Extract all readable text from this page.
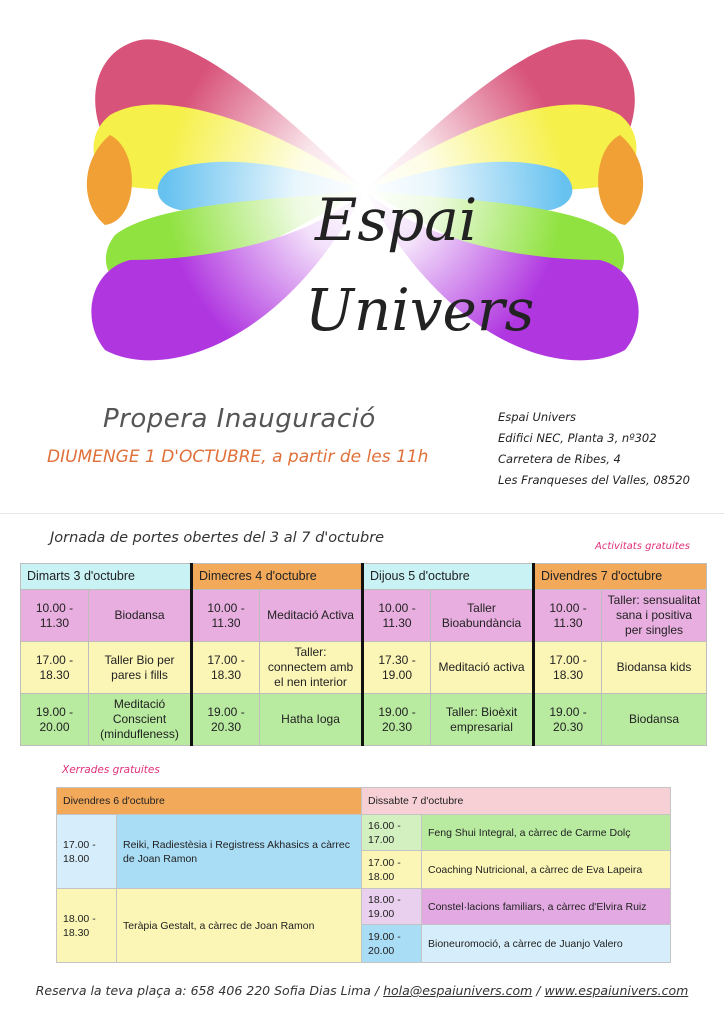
Espai
Univers
Propera Inauguració
DIUMENGE 1 D'OCTUBRE, a partir de les 11h
Espai Univers
Edifici NEC, Planta 3, nº302
Carretera de Ribes, 4
Les Franqueses del Valles, 08520
Jornada de portes obertes del 3 al 7 d'octubre
Activitats gratuites
Dimarts 3 d'octubre		Dimecres 4 d'octubre		Dijous 5 d'octubre		Divendres 7 d'octubre	
10.00 - 11.30	Biodansa	10.00 - 11.30	Meditació Activa	10.00 - 11.30	Taller Bioabundància	10.00 - 11.30	Taller: sensualitat sana i positiva per singles
17.00 - 18.30	Taller Bio per pares i fills	17.00 - 18.30	Taller: connectem amb el nen interior	17.30 - 19.00	Meditació activa	17.00 - 18.30	Biodansa kids
19.00 - 20.00	Meditació Conscient (mindufleness)	19.00 - 20.30	Hatha Ioga	19.00 - 20.30	Taller: Bioèxit empresarial	19.00 - 20.30	Biodansa
Xerrades gratuites
Divendres 6 d'octubre		Dissabte 7 d'octubre	
17.00 - 18.00	Reiki, Radiestèsia i Registress Akhasics a càrrec de Joan Ramon	16.00 - 17.00	Feng Shui Integral, a càrrec de Carme Dolç
		17.00 - 18.00	Coaching Nutricional, a càrrec de Eva Lapeira
18.00 - 18.30	Teràpia Gestalt, a càrrec de Joan Ramon	18.00 - 19.00	Constel·lacions familiars, a càrrec d'Elvira Ruiz
		19.00 - 20.00	Bioneuromoció, a càrrec de Juanjo Valero
Reserva la teva plaça a: 658 406 220 Sofia Dias Lima / hola@espaiunivers.com / www.espaiunivers.com
